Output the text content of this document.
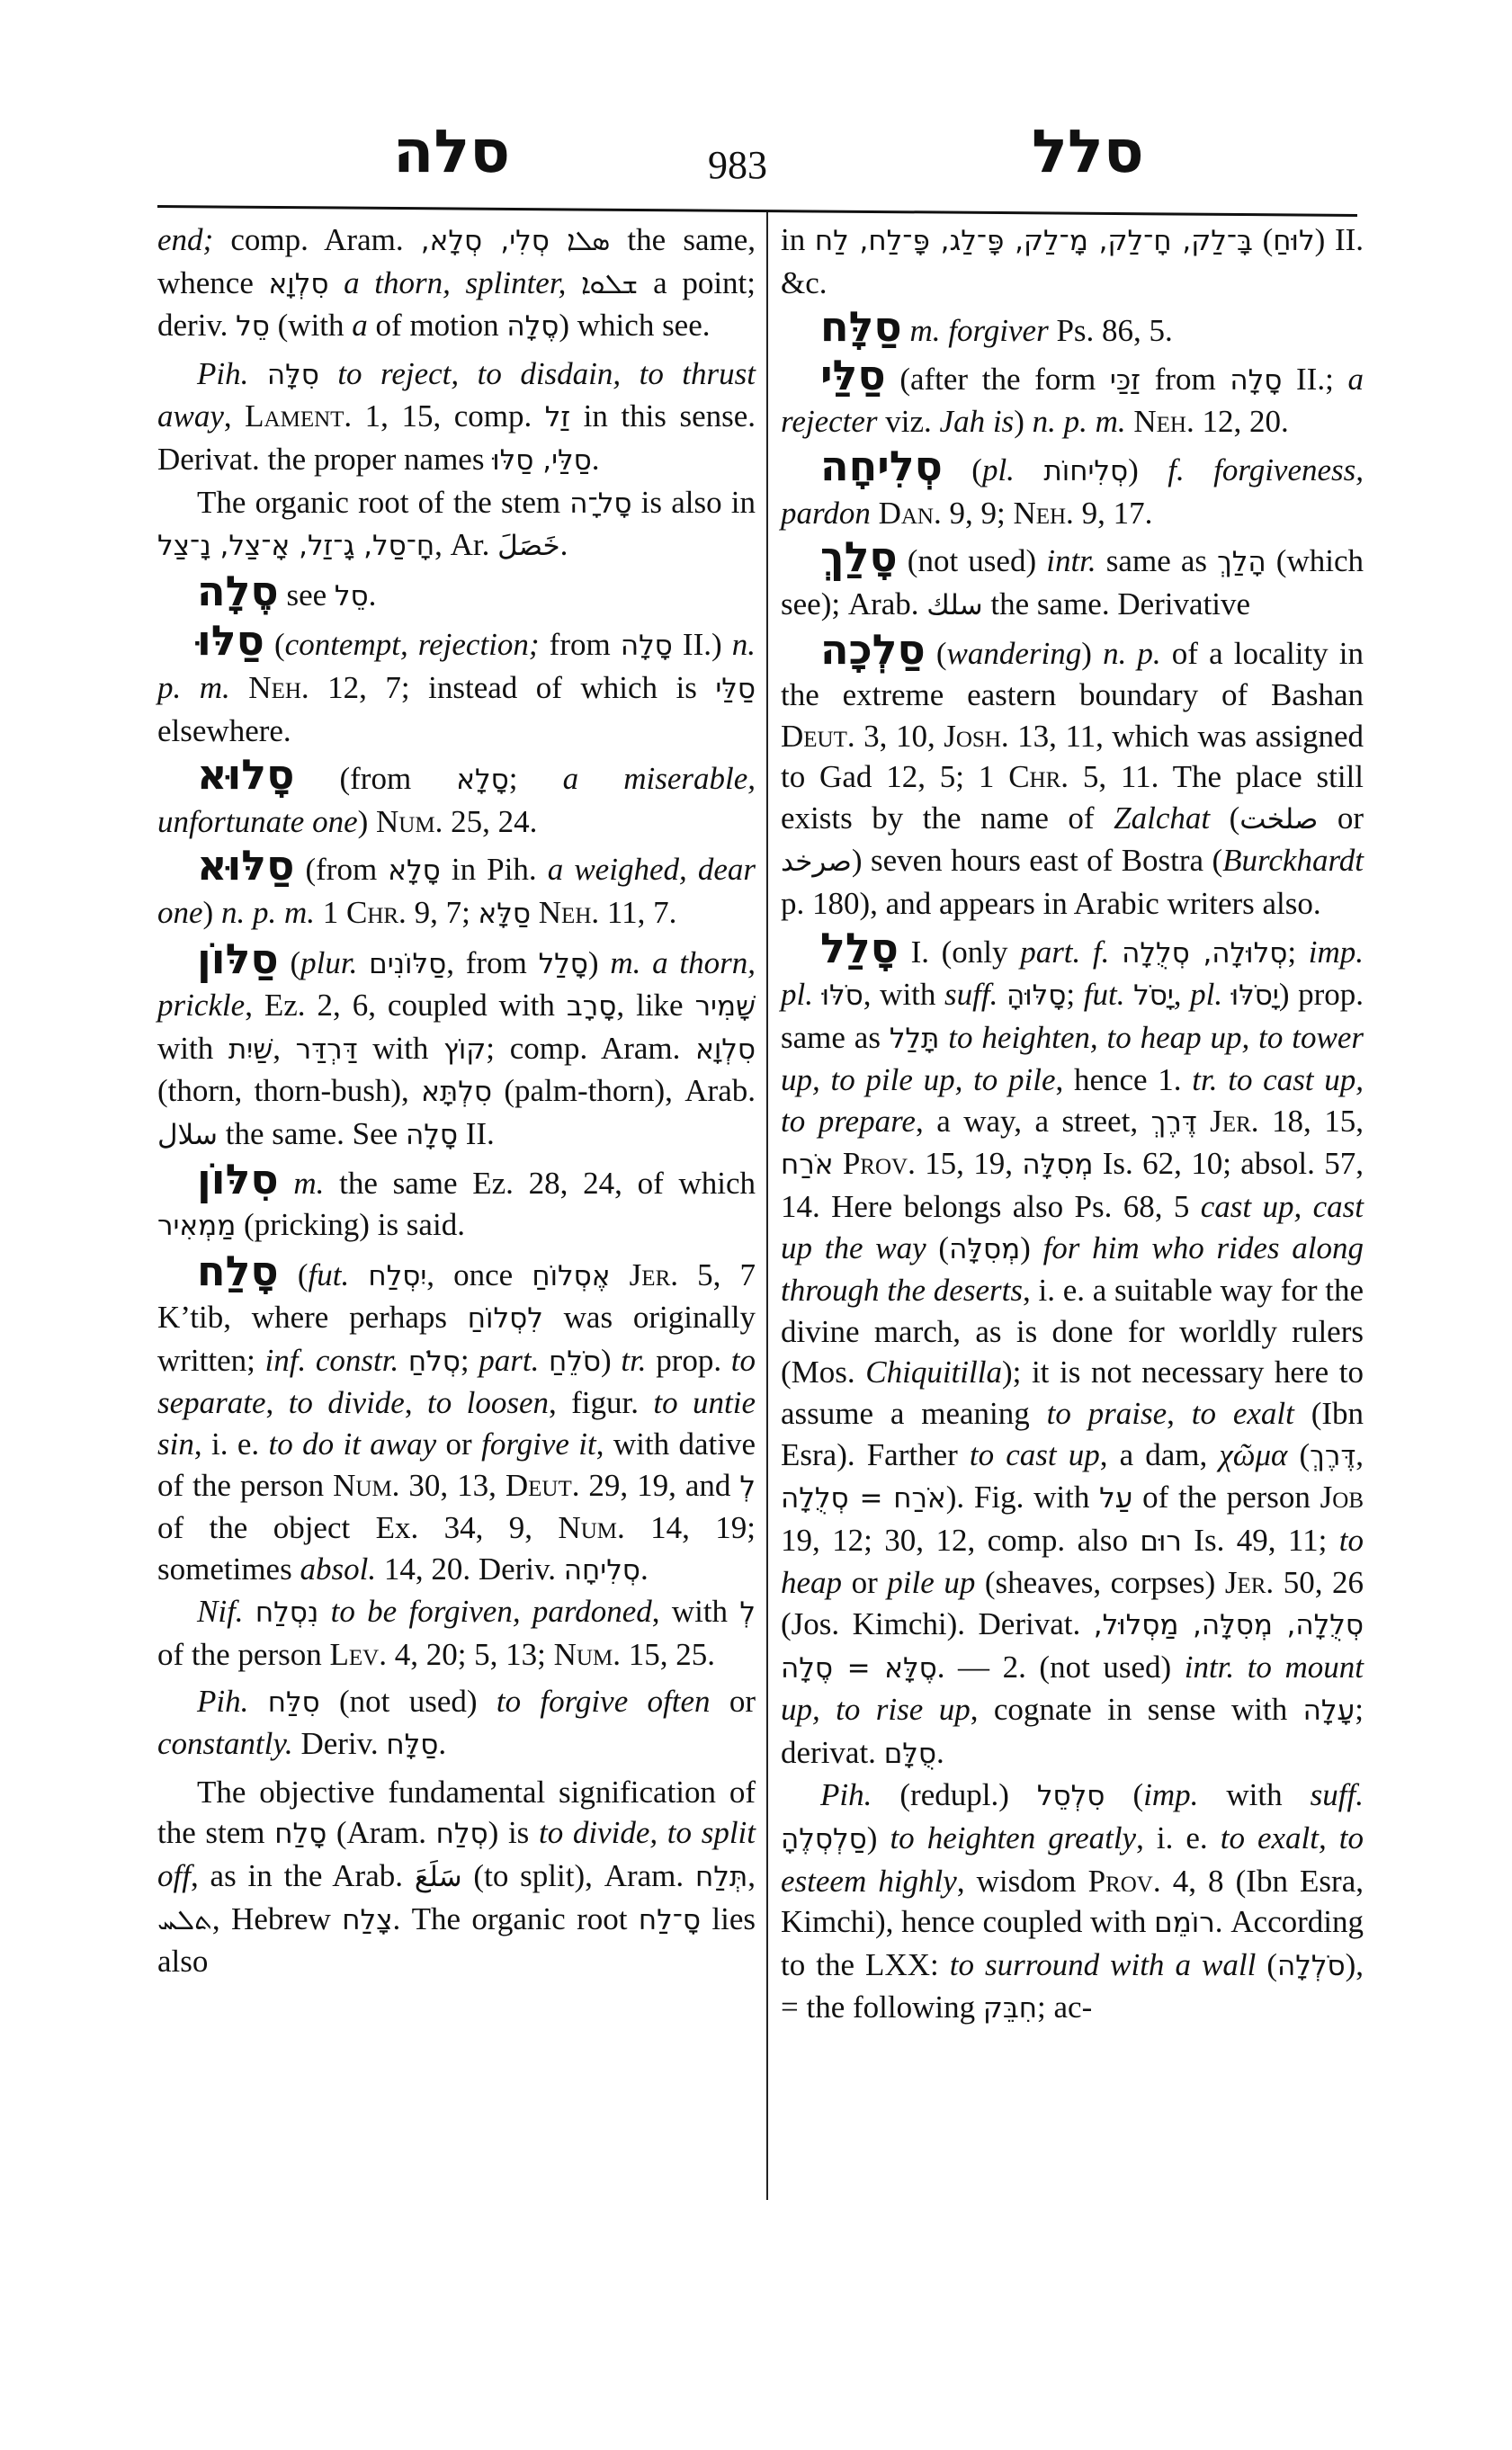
סלה	983	סלל

end; comp. Aram. סְלִי, סְלָא, ܣܠܐ the same, whence סִלְוָא a thorn, splinter, ܫܠܘܐ a point; deriv. סֵל (with a of motion סֶלָה) which see.

Pih. סִלָּה to reject, to disdain, to thrust away, Lament. 1, 15, comp. זַל in this sense. Derivat. the proper names סַלַּי, סַלּוּ.

The organic root of the stem סָל־ָה is also in חָ־סַל, גָ־זַל, אָ־צַל, נָ־צַל, Ar. خَصَلَ.

סֶלָה see סֵל.

סַלּוּ (contempt, rejection; from סָלָה II.) n. p. m. Neh. 12, 7; instead of which is סַלַּי elsewhere.

סָלוּא (from סָלָא; a miserable, unfortunate one) Num. 25, 24.

סַלּוּא (from סָלָא in Pih. a weighed, dear one) n. p. m. 1 Chr. 9, 7; סַלָּא Neh. 11, 7.

סַלּוֹן (plur. סַלּוֹנִים, from סָלַל) m. a thorn, prickle, Ez. 2, 6, coupled with סָרָב, like שָׁמִיר with שַׁיִת, דַּרְדַּר with קוֹץ; comp. Aram. סִלְוָא (thorn, thorn-bush), סִלְתָּא (palm-thorn), Arab. سلال the same. See סָלָה II.

סִלּוֹן m. the same Ez. 28, 24, of which מַמְאִיר (pricking) is said.

סָלַח (fut. יִסְלַח, once אֶסְלוֹחַ Jer. 5, 7 K’tib, where perhaps לִסְלוֹחַ was originally written; inf. constr. סְלֹחַ; part. סֹלֵחַ) tr. prop. to separate, to divide, to loosen, figur. to untie sin, i. e. to do it away or forgive it, with dative of the person Num. 30, 13, Deut. 29, 19, and לְ of the object Ex. 34, 9, Num. 14, 19; sometimes absol. 14, 20. Deriv. סְלִיחָה.

Nif. נִסְלַח to be forgiven, pardoned, with לְ of the person Lev. 4, 20; 5, 13; Num. 15, 25.

Pih. סִלַּח (not used) to forgive often or constantly. Deriv. סַלָּח.

The objective fundamental signification of the stem סָלַח (Aram. סְלַח) is to divide, to split off, as in the Arab. سَلَعَ (to split), Aram. תְּלַח, ܬܠܚ, Hebrew צָלַח. The organic root סָ־לַח lies also

in בָּ־לַק, חָ־לַק, מָ־לַק, פָּ־לַג, פָּ־לַח, לַח (לוּחַ) II. &c.

סַלָּח m. forgiver Ps. 86, 5.

סַלַּי (after the form זַכַּי from סָלָה II.; a rejecter viz. Jah is) n. p. m. Neh. 12, 20.

סְלִיחָה (pl. סְלִיחוֹת) f. forgiveness, pardon Dan. 9, 9; Neh. 9, 17.

סָלַךְ (not used) intr. same as הָלַךְ (which see); Arab. سلك the same. Derivative

סַלְכָה (wandering) n. p. of a locality in the extreme eastern boundary of Bashan Deut. 3, 10, Josh. 13, 11, which was assigned to Gad 12, 5; 1 Chr. 5, 11. The place still exists by the name of Zalchat (صلخت or صرخد) seven hours east of Bostra (Burckhardt p. 180), and appears in Arabic writers also.

סָלַל I. (only part. f. סְלוּלָה, סְלֻלָה; imp. pl. סֹלּוּ, with suff. סָלּוּהָ; fut. יָסֹל, pl. יָסֹלּוּ) prop. same as תָּלַל to heighten, to heap up, to tower up, to pile up, to pile, hence 1. tr. to cast up, to prepare, a way, a street, דֶּרֶךְ Jer. 18, 15, אֹרַח Prov. 15, 19, מְסִלָּה Is. 62, 10; absol. 57, 14. Here belongs also Ps. 68, 5 cast up, cast up the way (מְסִלָּה) for him who rides along through the deserts, i. e. a suitable way for the divine march, as is done for worldly rulers (Mos. Chiquitilla); it is not necessary here to assume a meaning to praise, to exalt (Ibn Esra). Farther to cast up, a dam, χῶμα (דֶּרֶךְ, אֹרַח = סְלֻלָה). Fig. with עַל of the person Job 19, 12; 30, 12, comp. also רוּם Is. 49, 11; to heap or pile up (sheaves, corpses) Jer. 50, 26 (Jos. Kimchi). Derivat. סְלֻלָה, מְסִלָּה, מַסְלוּל, סֶלָּא = סֶלָה. — 2. (not used) intr. to mount up, to rise up, cognate in sense with עָלָה; derivat. סֻלָּם.

Pih. (redupl.) סִלְסֵל (imp. with suff. סַלְסְלֶהָ) to heighten greatly, i. e. to exalt, to esteem highly, wisdom Prov. 4, 8 (Ibn Esra, Kimchi), hence coupled with רוֹמֵם. According to the LXX: to surround with a wall (סֹלְלָה), = the following חִבֵּק; ac-
